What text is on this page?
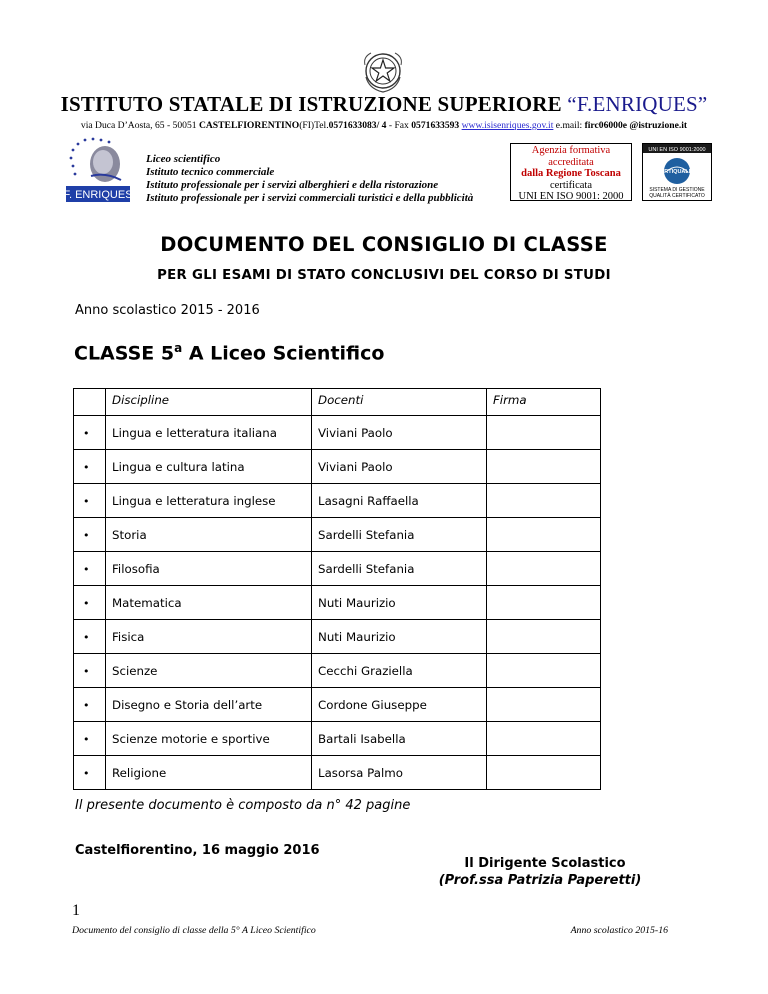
ISTITUTO STATALE DI ISTRUZIONE SUPERIORE “F.ENRIQUES”
via Duca D’Aosta, 65 - 50051 CASTELFIORENTINO(FI)Tel.0571633083/ 4 - Fax 0571633593 www.isisenriques.gov.it e.mail: firc06000e @istruzione.it
F. ENRIQUES
Liceo scientifico
Istituto tecnico commerciale
Istituto professionale per i servizi alberghieri e della ristorazione
Istituto professionale per i servizi commerciali turistici e della pubblicità
Agenzia formativa
accreditata
dalla Regione Toscana
certificata
UNI EN ISO 9001: 2000
UNI EN ISO 9001:2000
CERTIQUALITY
SISTEMA DI GESTIONE
QUALITÀ CERTIFICATO
DOCUMENTO DEL CONSIGLIO DI CLASSE
PER GLI ESAMI DI STATO CONCLUSIVI DEL CORSO DI STUDI
Anno scolastico 2015 - 2016
CLASSE 5$^a$ A Liceo Scientifico
	Discipline	Docenti	Firma
•	Lingua e letteratura italiana	Viviani Paolo	
•	Lingua e cultura latina	Viviani Paolo	
•	Lingua e letteratura inglese	Lasagni Raffaella	
•	Storia	Sardelli Stefania	
•	Filosofia	Sardelli Stefania	
•	Matematica	Nuti Maurizio	
•	Fisica	Nuti Maurizio	
•	Scienze	Cecchi Graziella	
•	Disegno e Storia dell’arte	Cordone Giuseppe	
•	Scienze motorie e sportive	Bartali Isabella	
•	Religione	Lasorsa Palmo	
Il presente documento è composto da n° 42 pagine
Castelfiorentino, 16 maggio 2016
Il Dirigente Scolastico
(Prof.ssa Patrizia Paperetti)
1
Documento del consiglio di classe della 5° A Liceo Scientifico	Anno scolastico 2015-16
